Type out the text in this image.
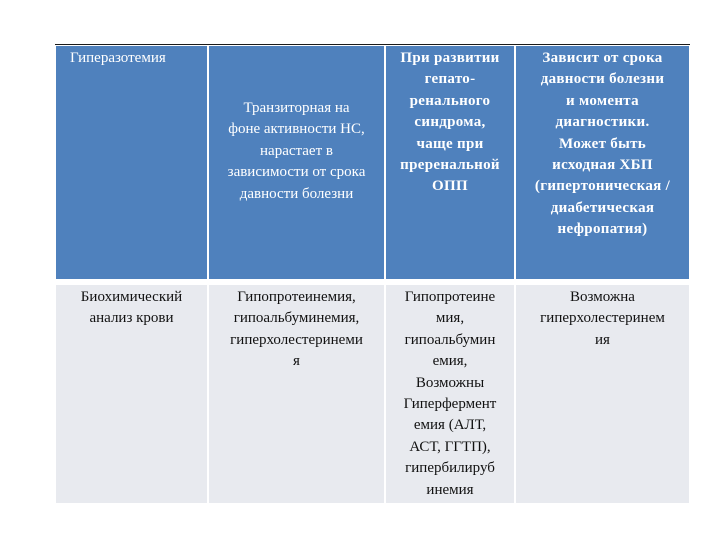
Гиперазотемия
Транзиторная на
фоне активности НС,
нарастает в
зависимости от срока
давности болезни
При развитии
гепато-
ренального
синдрома,
чаще при
преренальной
ОПП
Зависит от срока
давности болезни
и момента
диагностики.
Может быть
исходная ХБП
(гипертоническая /
диабетическая
нефропатия)
Биохимический
анализ крови
Гипопротеинемия,
гипоальбуминемия,
гиперхолестеринеми
я
Гипопротеине
мия,
гипоальбумин
емия,
Возможны
Гиперфермент
емия (АЛТ,
АСТ, ГГТП),
гипербилируб
инемия
Возможна
гиперхолестеринем
ия
